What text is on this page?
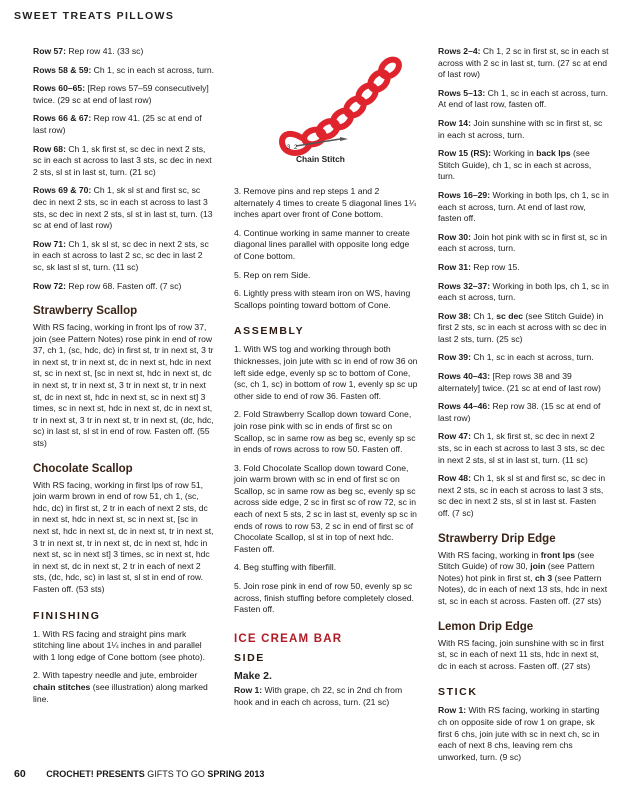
SWEET TREATS PILLOWS

Row 57: Rep row 41. (33 sc)

Rows 58 & 59: Ch 1, sc in each st across, turn.

Rows 60–65: [Rep rows 57–59 consecutively] twice. (29 sc at end of last row)

Rows 66 & 67: Rep row 41. (25 sc at end of last row)

Row 68: Ch 1, sk first st, sc dec in next 2 sts, sc in each st across to last 3 sts, sc dec in next 2 sts, sl st in last st, turn. (21 sc)

Rows 69 & 70: Ch 1, sk sl st and first sc, sc dec in next 2 sts, sc in each st across to last 3 sts, sc dec in next 2 sts, sl st in last st, turn. (13 sc at end of last row)

Row 71: Ch 1, sk sl st, sc dec in next 2 sts, sc in each st across to last 2 sc, sc dec in last 2 sc, sk last sl st, turn. (11 sc)

Row 72: Rep row 68. Fasten off. (7 sc)

Strawberry Scallop

With RS facing, working in front lps of row 37, join (see Pattern Notes) rose pink in end of row 37, ch 1, (sc, hdc, dc) in first st, tr in next st, 3 tr in next st, tr in next st, dc in next st, hdc in next st, sc in next st, [sc in next st, hdc in next st, dc in next st, tr in next st, 3 tr in next st, tr in next st, dc in next st, hdc in next st, sc in next st] 3 times, sc in next st, hdc in next st, dc in next st, tr in next st, 3 tr in next st, tr in next st, (dc, hdc, sc) in last st, sl st in end of row. Fasten off. (55 sts)

Chocolate Scallop

With RS facing, working in first lps of row 51, join warm brown in end of row 51, ch 1, (sc, hdc, dc) in first st, 2 tr in each of next 2 sts, dc in next st, hdc in next st, sc in next st, [sc in next st, hdc in next st, dc in next st, tr in next st, 3 tr in next st, tr in next st, dc in next st, hdc in next st, sc in next st] 3 times, sc in next st, hdc in next st, dc in next st, 2 tr in each of next 2 sts, (dc, hdc, sc) in last st, sl st in end of row. Fasten off. (53 sts)

FINISHING

1. With RS facing and straight pins mark stitching line about 1¼ inches in and parallel with 1 long edge of Cone bottom (see photo).

2. With tapestry needle and jute, embroider chain stitches (see illustration) along marked line.

3 2
Chain Stitch

3. Remove pins and rep steps 1 and 2 alternately 4 times to create 5 diagonal lines 1¼ inches apart over front of Cone bottom.

4. Continue working in same manner to create diagonal lines parallel with opposite long edge of Cone bottom.

5. Rep on rem Side.

6. Lightly press with steam iron on WS, having Scallops pointing toward bottom of Cone.

ASSEMBLY

1. With WS tog and working through both thicknesses, join jute with sc in end of row 36 on left side edge, evenly sp sc to bottom of Cone, (sc, ch 1, sc) in bottom of row 1, evenly sp sc up other side to end of row 36. Fasten off.

2. Fold Strawberry Scallop down toward Cone, join rose pink with sc in ends of first sc on Scallop, sc in same row as beg sc, evenly sp sc in ends of rows across to row 50. Fasten off.

3. Fold Chocolate Scallop down toward Cone, join warm brown with sc in end of first sc on Scallop, sc in same row as beg sc, evenly sp sc across side edge, 2 sc in first sc of row 72, sc in each of next 5 sts, 2 sc in last st, evenly sp sc in ends of rows to row 53, 2 sc in end of first sc of Chocolate Scallop, sl st in top of next hdc. Fasten off.

4. Beg stuffing with fiberfill.

5. Join rose pink in end of row 50, evenly sp sc across, finish stuffing before completely closed. Fasten off.

ICE CREAM BAR
SIDE
Make 2.

Row 1: With grape, ch 22, sc in 2nd ch from hook and in each ch across, turn. (21 sc)

Rows 2–4: Ch 1, 2 sc in first st, sc in each st across with 2 sc in last st, turn. (27 sc at end of last row)

Rows 5–13: Ch 1, sc in each st across, turn. At end of last row, fasten off.

Row 14: Join sunshine with sc in first st, sc in each st across, turn.

Row 15 (RS): Working in back lps (see Stitch Guide), ch 1, sc in each st across, turn.

Rows 16–29: Working in both lps, ch 1, sc in each st across, turn. At end of last row, fasten off.

Row 30: Join hot pink with sc in first st, sc in each st across, turn.

Row 31: Rep row 15.

Rows 32–37: Working in both lps, ch 1, sc in each st across, turn.

Row 38: Ch 1, sc dec (see Stitch Guide) in first 2 sts, sc in each st across with sc dec in last 2 sts, turn. (25 sc)

Row 39: Ch 1, sc in each st across, turn.

Rows 40–43: [Rep rows 38 and 39 alternately] twice. (21 sc at end of last row)

Rows 44–46: Rep row 38. (15 sc at end of last row)

Row 47: Ch 1, sk first st, sc dec in next 2 sts, sc in each st across to last 3 sts, sc dec in next 2 sts, sl st in last st, turn. (11 sc)

Row 48: Ch 1, sk sl st and first sc, sc dec in next 2 sts, sc in each st across to last 3 sts, sc dec in next 2 sts, sl st in last st. Fasten off. (7 sc)

Strawberry Drip Edge

With RS facing, working in front lps (see Stitch Guide) of row 30, join (see Pattern Notes) hot pink in first st, ch 3 (see Pattern Notes), dc in each of next 13 sts, hdc in next st, sc in each st across. Fasten off. (27 sts)

Lemon Drip Edge

With RS facing, join sunshine with sc in first st, sc in each of next 11 sts, hdc in next st, dc in each st across. Fasten off. (27 sts)

STICK

Row 1: With RS facing, working in starting ch on opposite side of row 1 on grape, sk first 6 chs, join jute with sc in next ch, sc in each of next 8 chs, leaving rem chs unworked, turn. (9 sc)

60 CROCHET! PRESENTS GIFTS TO GO SPRING 2013
